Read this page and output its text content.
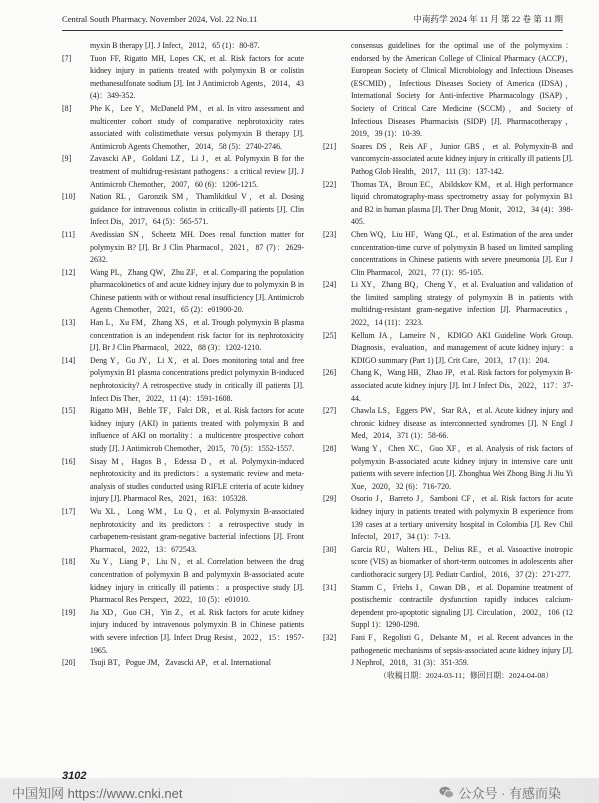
Central South Pharmacy. November 2024, Vol. 22 No.11	中南药学 2024 年 11 月 第 22 卷 第 11 期

myxin B therapy [J]. J Infect，2012，65 (1)：80-87.

[7] Tuon FF, Rigatto MH, Lopes CK, et al. Risk factors for acute kidney injury in patients treated with polymyxin B or colistin methanesulfonate sodium [J]. Int J Antimicrob Agents，2014，43 (4)：349-352.

[8] Phe K，Lee Y，McDaneld PM，et al. In vitro assessment and multicenter cohort study of comparative nephrotoxicity rates associated with colistimethate versus polymyxin B therapy [J]. Antimicrob Agents Chemother，2014，58 (5)：2740-2746.

[9] Zavascki AP，Goldani LZ，Li J，et al. Polymyxin B for the treatment of multidrug-resistant pathogens：a critical review [J]. J Antimicrob Chemother，2007，60 (6)：1206-1215.

[10] Nation RL，Garonzik SM，Thamlikitkul V，et al. Dosing guidance for intravenous colistin in critically-ill patients [J]. Clin Infect Dis，2017，64 (5)：565-571.

[11] Avedissian SN，Scheetz MH. Does renal function matter for polymyxin B? [J]. Br J Clin Pharmacol，2021，87 (7)：2629-2632.

[12] Wang PL，Zhang QW，Zhu ZF，et al. Comparing the population pharmacokinetics of and acute kidney injury due to polymyxin B in Chinese patients with or without renal insufficiency [J]. Antimicrob Agents Chemother，2021，65 (2)：e01900-20.

[13] Han L，Xu FM，Zhang XS，et al. Trough polymyxin B plasma concentration is an independent risk factor for its nephrotoxicity [J]. Br J Clin Pharmacol，2022，88 (3)：1202-1210.

[14] Deng Y，Gu JY，Li X，et al. Does monitoring total and free polymyxin B1 plasma concentrations predict polymyxin B-induced nephrotoxicity? A retrospective study in critically ill patients [J]. Infect Dis Ther，2022，11 (4)：1591-1608.

[15] Rigatto MH，Behle TF，Falci DR，et al. Risk factors for acute kidney injury (AKI) in patients treated with polymyxin B and influence of AKI on mortality：a multicentre prospective cohort study [J]. J Antimicrob Chemother，2015，70 (5)：1552-1557.

[16] Sisay M，Hagos B，Edessa D，et al. Polymyxin-induced nephrotoxicity and its predictors：a systematic review and meta-analysis of studies conducted using RIFLE criteria of acute kidney injury [J]. Pharmacol Res，2021，163：105328.

[17] Wu XL，Long WM，Lu Q，et al. Polymyxin B-associated nephrotoxicity and its predictors：a retrospective study in carbapenem-resistant gram-negative bacterial infections [J]. Front Pharmacol，2022，13：672543.

[18] Xu Y，Liang P，Liu N，et al. Correlation between the drug concentration of polymyxin B and polymyxin B-associated acute kidney injury in critically ill patients：a prospective study [J]. Pharmacol Res Perspect，2022，10 (5)：e01010.

[19] Jia XD，Guo CH，Yin Z，et al. Risk factors for acute kidney injury induced by intravenous polymyxin B in Chinese patients with severe infection [J]. Infect Drug Resist，2022，15：1957-1965.

[20] Tsuji BT，Pogue JM，Zavascki AP，et al. International

consensus guidelines for the optimal use of the polymyxins：endorsed by the American College of Clinical Pharmacy (ACCP)，European Society of Clinical Microbiology and Infectious Diseases (ESCMID)，Infectious Diseases Society of America (IDSA)，International Society for Anti-infective Pharmacology (ISAP)，Society of Critical Care Medicine (SCCM)，and Society of Infectious Diseases Pharmacists (SIDP) [J]. Pharmacotherapy，2019，39 (1)：10-39.

[21] Soares DS，Reis AF，Junior GBS，et al. Polymyxin-B and vancomycin-associated acute kidney injury in critically ill patients [J]. Pathog Glob Health，2017，111 (3)：137-142.

[22] Thomas TA，Broun EC，Abildskov KM，et al. High performance liquid chromatography-mass spectrometry assay for polymyxin B1 and B2 in human plasma [J]. Ther Drug Monit，2012，34 (4)：398-405.

[23] Chen WQ，Liu HF，Wang QL，et al. Estimation of the area under concentration-time curve of polymyxin B based on limited sampling concentrations in Chinese patients with severe pneumonia [J]. Eur J Clin Pharmacol，2021，77 (1)：95-105.

[24] Li XY，Zhang BQ，Cheng Y，et al. Evaluation and validation of the limited sampling strategy of polymyxin B in patients with multidrug-resistant gram-negative infection [J]. Pharmaceutics，2022，14 (11)：2323.

[25] Kellum JA，Lameire N，KDIGO AKI Guideline Work Group. Diagnosis，evaluation，and management of acute kidney injury：a KDIGO summary (Part 1) [J]. Crit Care，2013，17 (1)：204.

[26] Chang K，Wang HB，Zhao JP，et al. Risk factors for polymyxin B-associated acute kidney injury [J]. Int J Infect Dis，2022，117：37-44.

[27] Chawla LS，Eggers PW，Star RA，et al. Acute kidney injury and chronic kidney disease as interconnected syndromes [J]. N Engl J Med，2014，371 (1)：58-66.

[28] Wang Y，Chen XC，Guo XF，et al. Analysis of risk factors of polymyxin B-associated acute kidney injury in intensive care unit patients with severe infection [J]. Zhonghua Wei Zhong Bing Ji Jiu Yi Xue，2020，32 (6)：716-720.

[29] Osorio J，Barreto J，Samboni CF，et al. Risk factors for acute kidney injury in patients treated with polymyxin B experience from 139 cases at a tertiary university hospital in Colombia [J]. Rev Chil Infectol，2017，34 (1)：7-13.

[30] Garcia RU，Walters HL，Delius RE，et al. Vasoactive inotropic score (VIS) as biomarker of short-term outcomes in adolescents after cardiothoracic surgery [J]. Pediatr Cardiol，2016，37 (2)：271-277.

[31] Stamm C，Friehs I，Cowan DB，et al. Dopamine treatment of postischemic contractile dysfunction rapidly induces calcium-dependent pro-apoptotic signaling [J]. Circulation，2002，106 (12 Suppl 1)：I290-I298.

[32] Fani F，Regolisti G，Delsante M，et al. Recent advances in the pathogenetic mechanisms of sepsis-associated acute kidney injury [J]. J Nephrol，2018，31 (3)：351-359.

（收稿日期：2024-03-11；修回日期：2024-04-08）
3102
中国知网 https://www.cnki.net	公众号 · 有感而染
